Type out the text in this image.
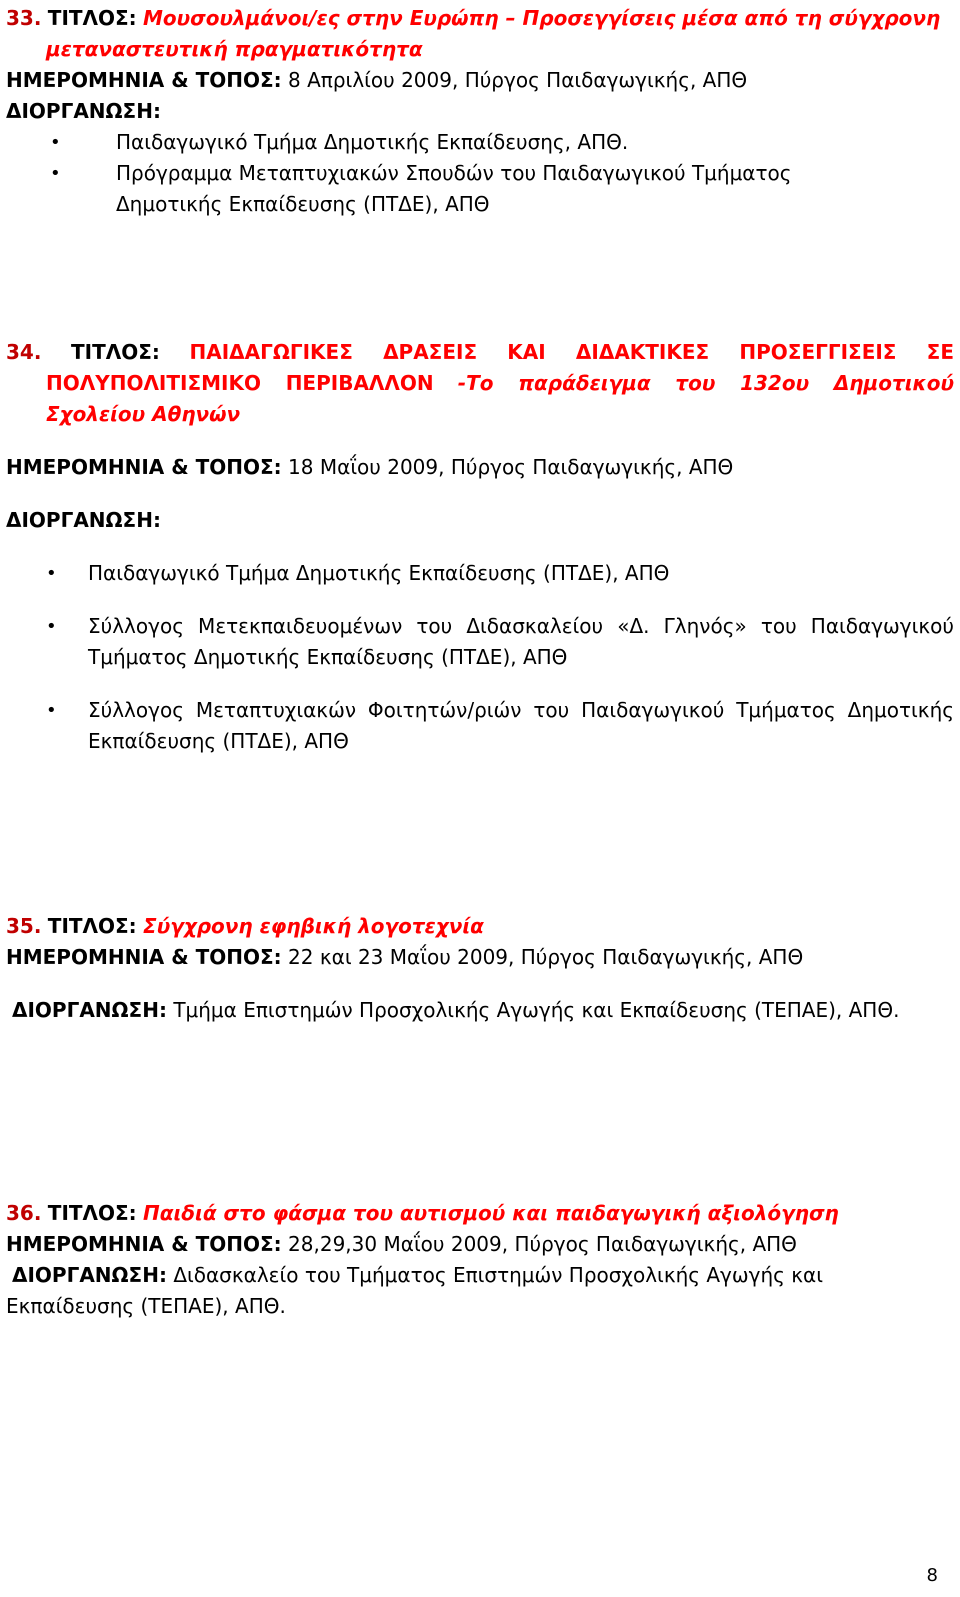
33. ΤΙΤΛΟΣ: Μουσουλμάνοι/ες στην Ευρώπη – Προσεγγίσεις μέσα από τη σύγχρονη
μεταναστευτική πραγματικότητα
ΗΜΕΡΟΜΗΝΙΑ & ΤΟΠΟΣ: 8 Απριλίου 2009, Πύργος Παιδαγωγικής, ΑΠΘ
ΔΙΟΡΓΑΝΩΣΗ:
• Παιδαγωγικό Τμήμα Δημοτικής Εκπαίδευσης, ΑΠΘ.
• Πρόγραμμα Μεταπτυχιακών Σπουδών του Παιδαγωγικού Τμήματος Δημοτικής Εκπαίδευσης (ΠΤΔΕ), ΑΠΘ
34. ΤΙΤΛΟΣ: ΠΑΙΔΑΓΩΓΙΚΕΣ ΔΡΑΣΕΙΣ ΚΑΙ ΔΙΔΑΚΤΙΚΕΣ ΠΡΟΣΕΓΓΙΣΕΙΣ ΣΕ
ΠΟΛΥΠΟΛΙΤΙΣΜΙΚΟ ΠΕΡΙΒΑΛΛΟΝ -Το παράδειγμα του 132ου Δημοτικού
Σχολείου Αθηνών
ΗΜΕΡΟΜΗΝΙΑ & ΤΟΠΟΣ: 18 Μαΐου 2009, Πύργος Παιδαγωγικής, ΑΠΘ
ΔΙΟΡΓΑΝΩΣΗ:
• Παιδαγωγικό Τμήμα Δημοτικής Εκπαίδευσης (ΠΤΔΕ), ΑΠΘ
• Σύλλογος Μετεκπαιδευομένων του Διδασκαλείου «Δ. Γληνός» του Παιδαγωγικού Τμήματος Δημοτικής Εκπαίδευσης (ΠΤΔΕ), ΑΠΘ
• Σύλλογος Μεταπτυχιακών Φοιτητών/ριών του Παιδαγωγικού Τμήματος Δημοτικής Εκπαίδευσης (ΠΤΔΕ), ΑΠΘ
35. ΤΙΤΛΟΣ: Σύγχρονη εφηβική λογοτεχνία
ΗΜΕΡΟΜΗΝΙΑ & ΤΟΠΟΣ: 22 και 23 Μαΐου 2009, Πύργος Παιδαγωγικής, ΑΠΘ
ΔΙΟΡΓΑΝΩΣΗ: Τμήμα Επιστημών Προσχολικής Αγωγής και Εκπαίδευσης (ΤΕΠΑΕ), ΑΠΘ.
36. ΤΙΤΛΟΣ: Παιδιά στο φάσμα του αυτισμού και παιδαγωγική αξιολόγηση
ΗΜΕΡΟΜΗΝΙΑ & ΤΟΠΟΣ: 28,29,30 Μαΐου 2009, Πύργος Παιδαγωγικής, ΑΠΘ
ΔΙΟΡΓΑΝΩΣΗ: Διδασκαλείο του Τμήματος Επιστημών Προσχολικής Αγωγής και Εκπαίδευσης (ΤΕΠΑΕ), ΑΠΘ.
8
